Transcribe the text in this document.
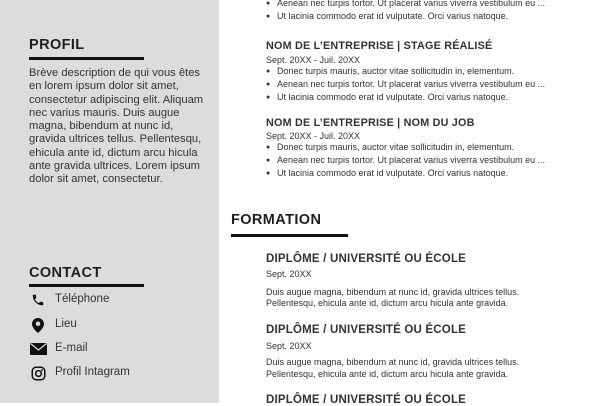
PROFIL
Brève description de qui vous êtes en lorem ipsum dolor sit amet, consectetur adipiscing elit. Aliquam nec varius mauris. Duis augue magna, bibendum at nunc id, gravida ultrices tellus. Pellentesqu, ehicula ante id, dictum arcu hicula ante gravida ultrices. Lorem ipsum dolor sit amet, consectetur.
CONTACT
Téléphone
Lieu
E-mail
Profil Intagram
● Aenean nec turpis tortor. Ut placerat varius viverra vestibulum eu ...
● Ut lacinia commodo erat id vulputate. Orci varius natoque.
NOM DE L’ENTREPRISE | STAGE RÉALISÉ
Sept. 20XX - Juil. 20XX
● Donec turpis mauris, auctor vitae sollicitudin in, elementum.
● Aenean nec turpis tortor. Ut placerat varius viverra vestibulum eu ...
● Ut lacinia commodo erat id vulputate. Orci varius natoque.
NOM DE L’ENTREPRISE | NOM DU JOB
Sept. 20XX - Juil. 20XX
● Donec turpis mauris, auctor vitae sollicitudin in, elementum.
● Aenean nec turpis tortor. Ut placerat varius viverra vestibulum eu ...
● Ut lacinia commodo erat id vulputate. Orci varius natoque.
FORMATION
DIPLÔME / UNIVERSITÉ OU ÉCOLE
Sept. 20XX
Duis augue magna, bibendum at nunc id, gravida ultrices tellus.
Pellentesqu, ehicula ante id, dictum arcu hicula ante gravida.
DIPLÔME / UNIVERSITÉ OU ÉCOLE
Sept. 20XX
Duis augue magna, bibendum at nunc id, gravida ultrices tellus.
Pellentesqu, ehicula ante id, dictum arcu hicula ante gravida.
DIPLÔME / UNIVERSITÉ OU ÉCOLE
